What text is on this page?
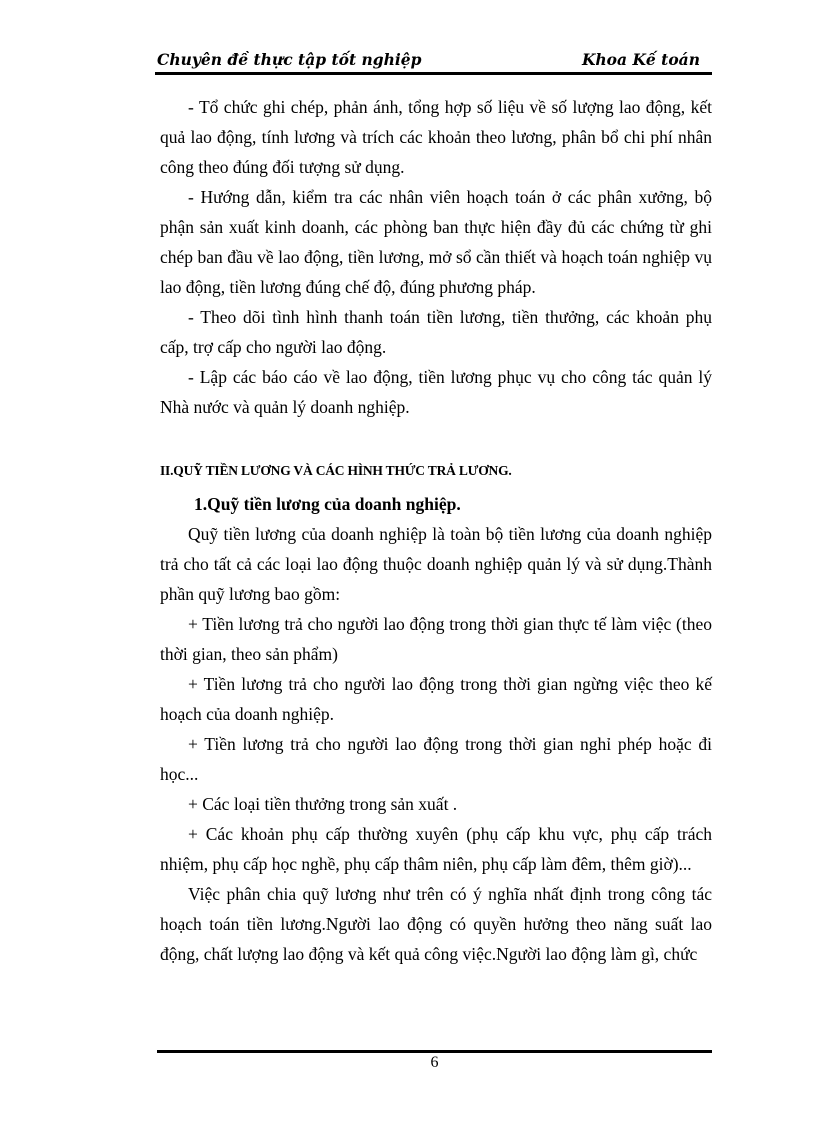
Chuyên đề thực tập tốt nghiệp	Khoa Kế toán

- Tổ chức ghi chép, phản ánh, tổng hợp số liệu về số lượng lao động, kết quả lao động, tính lương và trích các khoản theo lương, phân bổ chi phí nhân công theo đúng đối tượng sử dụng.

- Hướng dẫn, kiểm tra các nhân viên hoạch toán ở các phân xưởng, bộ phận sản xuất kinh doanh, các phòng ban thực hiện đầy đủ các chứng từ ghi chép ban đầu về lao động, tiền lương, mở sổ cần thiết và hoạch toán nghiệp vụ lao động, tiền lương đúng chế độ, đúng phương pháp.

- Theo dõi tình hình thanh toán tiền lương, tiền thưởng, các khoản phụ cấp, trợ cấp cho người lao động.

- Lập các báo cáo về lao động, tiền lương phục vụ cho công tác quản lý Nhà nước và quản lý doanh nghiệp.

II.QUỸ TIỀN LƯƠNG VÀ CÁC HÌNH THỨC TRẢ LƯƠNG.

1.Quỹ tiền lương của doanh nghiệp.

Quỹ tiền lương của doanh nghiệp là toàn bộ tiền lương của doanh nghiệp trả cho tất cả các loại lao động thuộc doanh nghiệp quản lý và sử dụng.Thành phần quỹ lương bao gồm:

+ Tiền lương trả cho người lao động trong thời gian thực tế làm việc (theo thời gian, theo sản phẩm)

+ Tiền lương trả cho người lao động trong thời gian ngừng việc theo kế hoạch của doanh nghiệp.

+ Tiền lương trả cho người lao động trong thời gian nghỉ phép hoặc đi học...

+ Các loại tiền thưởng trong sản xuất .

+ Các khoản phụ cấp thường xuyên (phụ cấp khu vực, phụ cấp trách nhiệm, phụ cấp học nghề, phụ cấp thâm niên, phụ cấp làm đêm, thêm giờ)...

Việc phân chia quỹ lương như trên có ý nghĩa nhất định trong công tác hoạch toán tiền lương.Người lao động có quyền hưởng theo năng suất lao động, chất lượng lao động và kết quả công việc.Người lao động làm gì, chức

6
